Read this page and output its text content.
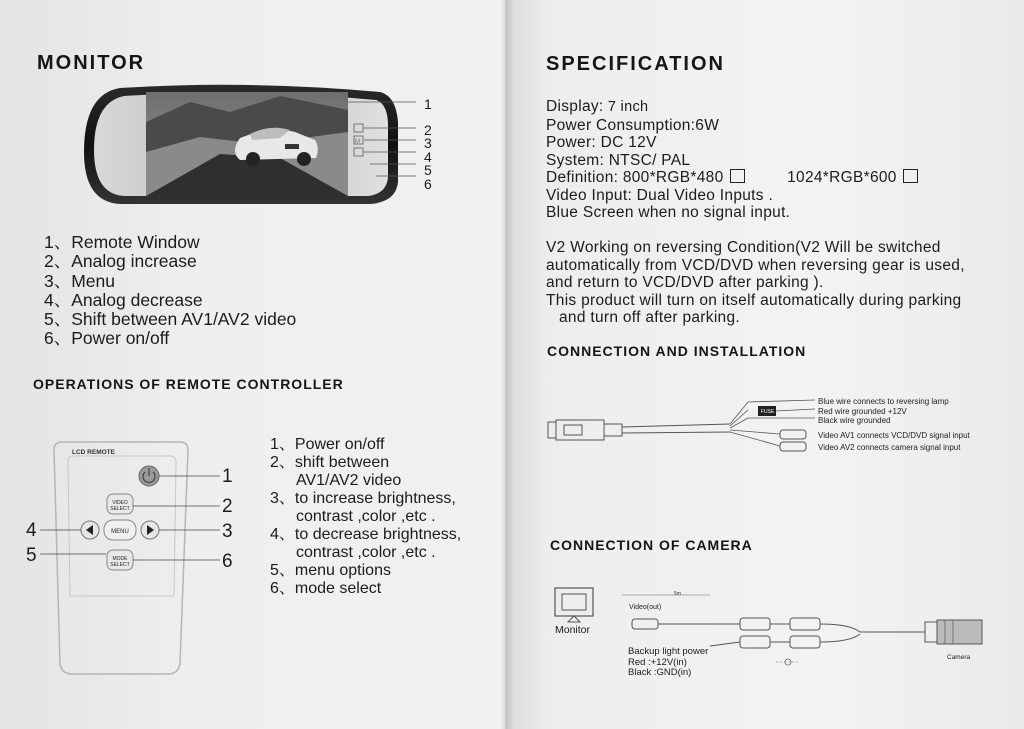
MONITOR
M
1
2
3
4
5
6
1、Remote Window
2、Analog increase
3、Menu
4、Analog decrease
5、Shift between AV1/AV2 video
6、Power on/off
OPERATIONS OF REMOTE CONTROLLER
LCD REMOTE
VIDEO
SELECT
MENU
MODE
SELECT
1
2
3
4
5	6
1、Power on/off
2、shift between
AV1/AV2 video
3、to increase brightness,
contrast ,color ,etc .
4、to decrease brightness,
contrast ,color ,etc .
5、menu options
6、mode select
SPECIFICATION
Display: 7 inch
Power Consumption:6W
Power: DC 12V
System: NTSC/ PAL
Definition: 800*RGB*480	1024*RGB*600
Video Input: Dual Video Inputs .
Blue Screen when no signal input.
V2 Working on reversing Condition(V2 Will be switched
automatically from VCD/DVD when reversing gear is used,
and return to VCD/DVD after parking ).
This product will turn on itself automatically during parking
and turn off after parking.
CONNECTION AND INSTALLATION
FUSE
Blue wire connects to reversing lamp
Red wire grounded +12V
Black wire grounded
Video AV1 connects VCD/DVD signal input
Video AV2 connects camera signal input
CONNECTION OF CAMERA
5m
Monitor
Video(out)
Backup light power
Red :+12V(in)
Black :GND(in)
Camera
